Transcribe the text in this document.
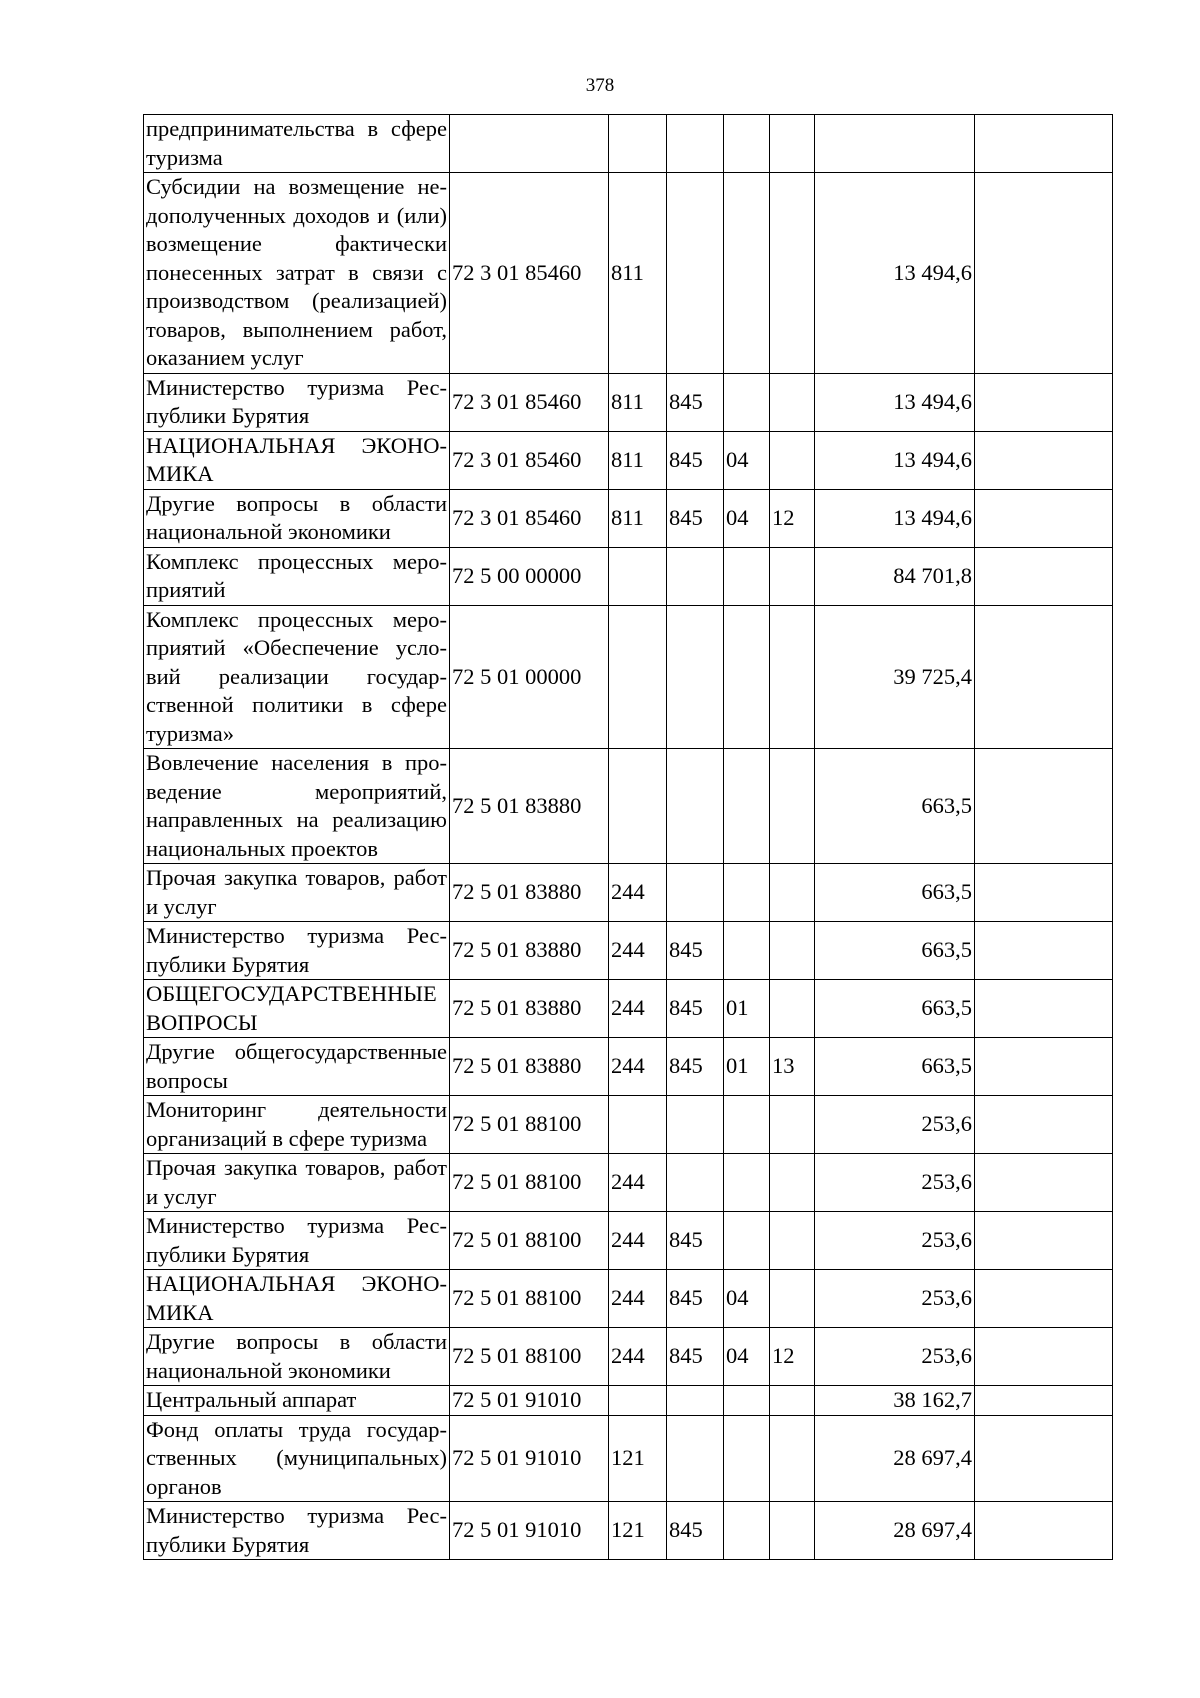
378
предпринимательства в сфере туризма							
Субсидии на возмещение недополученных доходов и (или) возмещение фактически понесенных затрат в связи с производством (реализацией) товаров, выполнением работ, оказанием услуг	72 3 01 85460	811				13 494,6	
Министерство туризма Республики Бурятия	72 3 01 85460	811	845			13 494,6	
НАЦИОНАЛЬНАЯ ЭКОНОМИКА	72 3 01 85460	811	845	04		13 494,6	
Другие вопросы в области национальной экономики	72 3 01 85460	811	845	04	12	13 494,6	
Комплекс процессных мероприятий	72 5 00 00000					84 701,8	
Комплекс процессных мероприятий «Обеспечение условий реализации государственной политики в сфере туризма»	72 5 01 00000					39 725,4	
Вовлечение населения в проведение мероприятий, направленных на реализацию национальных проектов	72 5 01 83880					663,5	
Прочая закупка товаров, работ и услуг	72 5 01 83880	244				663,5	
Министерство туризма Республики Бурятия	72 5 01 83880	244	845			663,5	
ОБЩЕГОСУДАРСТВЕННЫЕ ВОПРОСЫ	72 5 01 83880	244	845	01		663,5	
Другие общегосударственные вопросы	72 5 01 83880	244	845	01	13	663,5	
Мониторинг деятельности организаций в сфере туризма	72 5 01 88100					253,6	
Прочая закупка товаров, работ и услуг	72 5 01 88100	244				253,6	
Министерство туризма Республики Бурятия	72 5 01 88100	244	845			253,6	
НАЦИОНАЛЬНАЯ ЭКОНОМИКА	72 5 01 88100	244	845	04		253,6	
Другие вопросы в области национальной экономики	72 5 01 88100	244	845	04	12	253,6	
Центральный аппарат	72 5 01 91010					38 162,7	
Фонд оплаты труда государственных (муниципальных) органов	72 5 01 91010	121				28 697,4	
Министерство туризма Республики Бурятия	72 5 01 91010	121	845			28 697,4	
